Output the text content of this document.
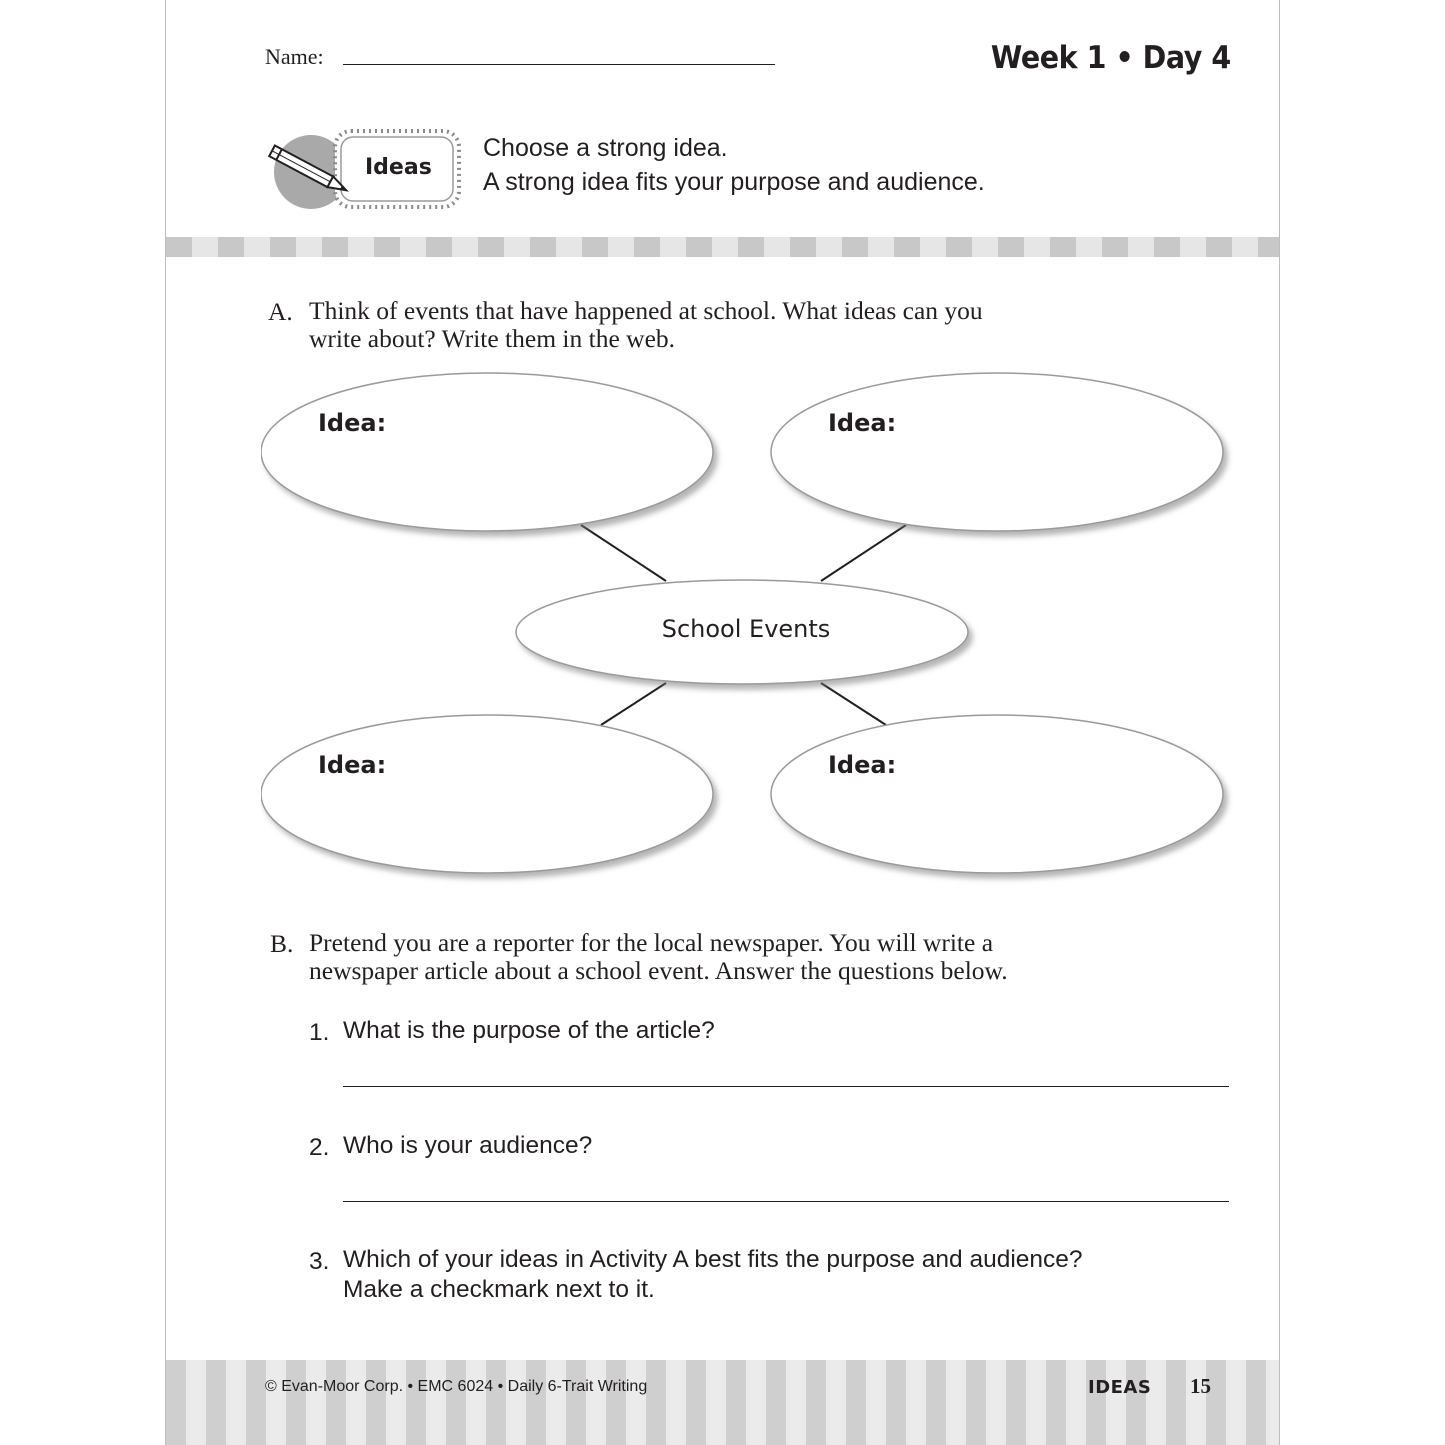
Name:	Week 1 • Day 4
Ideas
Choose a strong idea.
A strong idea fits your purpose and audience.
A. Think of events that have happened at school. What ideas can you
write about? Write them in the web.
Idea:	Idea:
School Events
Idea:	Idea:
B. Pretend you are a reporter for the local newspaper. You will write a
newspaper article about a school event. Answer the questions below.
1. What is the purpose of the article?
2. Who is your audience?
3. Which of your ideas in Activity A best fits the purpose and audience?
Make a checkmark next to it.
© Evan-Moor Corp. • EMC 6024 • Daily 6-Trait Writing	IDEAS 15
